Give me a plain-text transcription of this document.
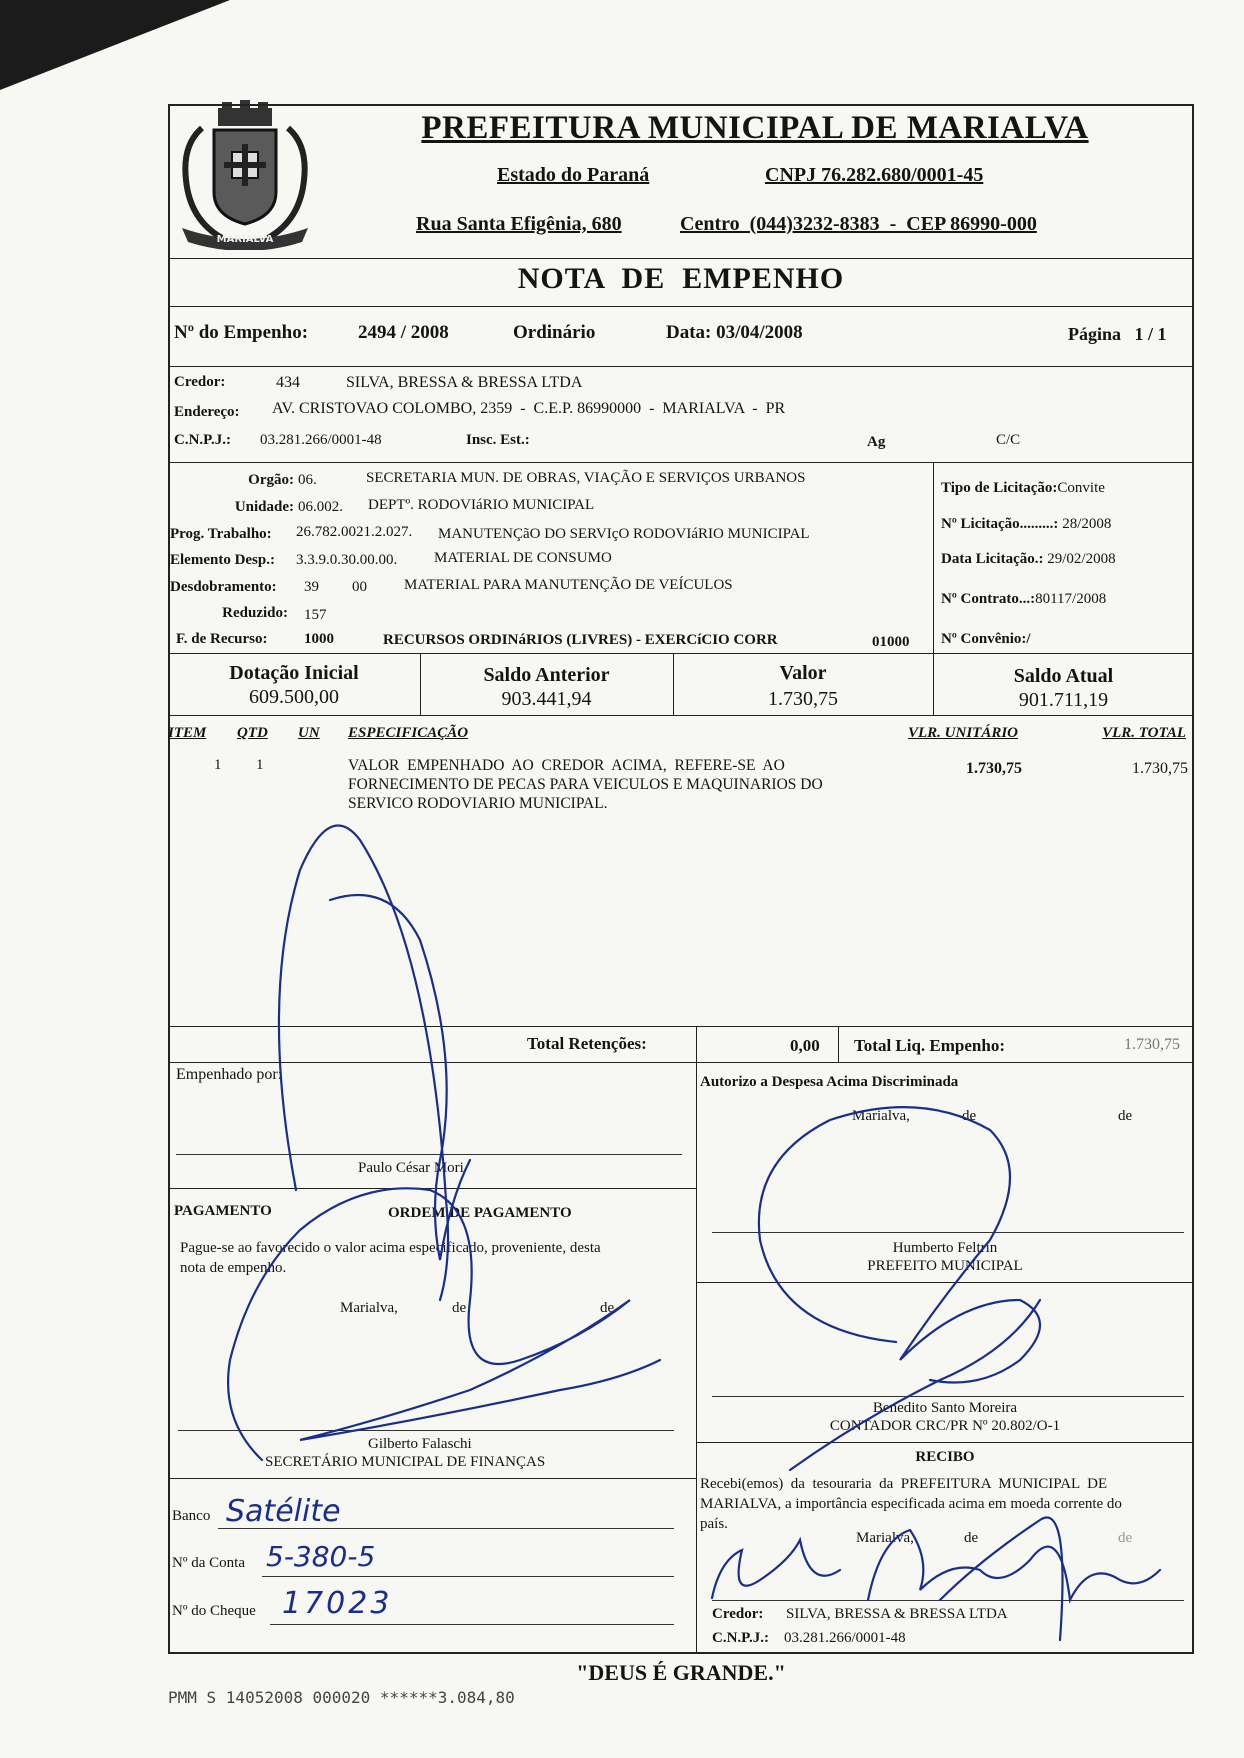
MARIALVA
PREFEITURA MUNICIPAL DE MARIALVA
Estado do Paraná	CNPJ 76.282.680/0001-45
Rua Santa Efigênia, 680	Centro  (044)3232-8383  -  CEP 86990-000
NOTA  DE  EMPENHO
Nº do Empenho:	2494 / 2008	Ordinário	Data: 03/04/2008	Página   1 / 1
Credor:	434	SILVA, BRESSA & BRESSA LTDA
Endereço: AV. CRISTOVAO COLOMBO, 2359  -  C.E.P. 86990000  -  MARIALVA  -  PR
C.N.P.J.: 03.281.266/0001-48	Insc. Est.:	Ag	C/C
Orgão: 06.	SECRETARIA MUN. DE OBRAS, VIAÇÃO E SERVIÇOS URBANOS
Unidade: 06.002. DEPTº. RODOVIáRIO MUNICIPAL
Prog. Trabalho: 26.782.0021.2.027. MANUTENÇãO DO SERVIçO RODOVIáRIO MUNICIPAL
Elemento Desp.: 3.3.9.0.30.00.00. MATERIAL DE CONSUMO
Desdobramento: 39 00 MATERIAL PARA MANUTENÇÃO DE VEÍCULOS
Reduzido: 157
F. de Recurso: 1000	RECURSOS ORDINáRIOS (LIVRES) - EXERCíCIO CORR	01000
Tipo de Licitação:Convite
Nº Licitação.........: 28/2008
Data Licitação.: 29/02/2008
Nº Contrato...:80117/2008
Nº Convênio:/
Dotação Inicial
609.500,00
Saldo Anterior
903.441,94
Valor
1.730,75
Saldo Atual
901.711,19
ITEM QTD UN ESPECIFICAÇÃO	VLR. UNITÁRIO	VLR. TOTAL
1 1	VALOR  EMPENHADO  AO  CREDOR  ACIMA,  REFERE-SE  AO
FORNECIMENTO DE PECAS PARA VEICULOS E MAQUINARIOS DO
SERVICO RODOVIARIO MUNICIPAL.
1.730,75	1.730,75
Total Retenções:	0,00 Total Liq. Empenho:	1.730,75
Empenhado por:
Paulo César Mori
PAGAMENTO	ORDEM DE PAGAMENTO
Pague-se ao favorecido o valor acima especificado, proveniente, desta
nota de empenho.
Marialva,	de	de
Gilberto Falaschi
SECRETÁRIO MUNICIPAL DE FINANÇAS
Banco Satélite
Nº da Conta 5-380-5
Nº do Cheque 17023
Autorizo a Despesa Acima Discriminada
Marialva,	de	de
Humberto Feltrin
PREFEITO MUNICIPAL
Benedito Santo Moreira
CONTADOR CRC/PR Nº 20.802/O-1
RECIBO
Recebi(emos)  da  tesouraria  da  PREFEITURA  MUNICIPAL  DE
MARIALVA, a importância especificada acima em moeda corrente do
país.
Marialva,	de	de
Credor: SILVA, BRESSA & BRESSA LTDA
C.N.P.J.: 03.281.266/0001-48
"DEUS É GRANDE."
PMM S 14052008 000020 ******3.084,80
